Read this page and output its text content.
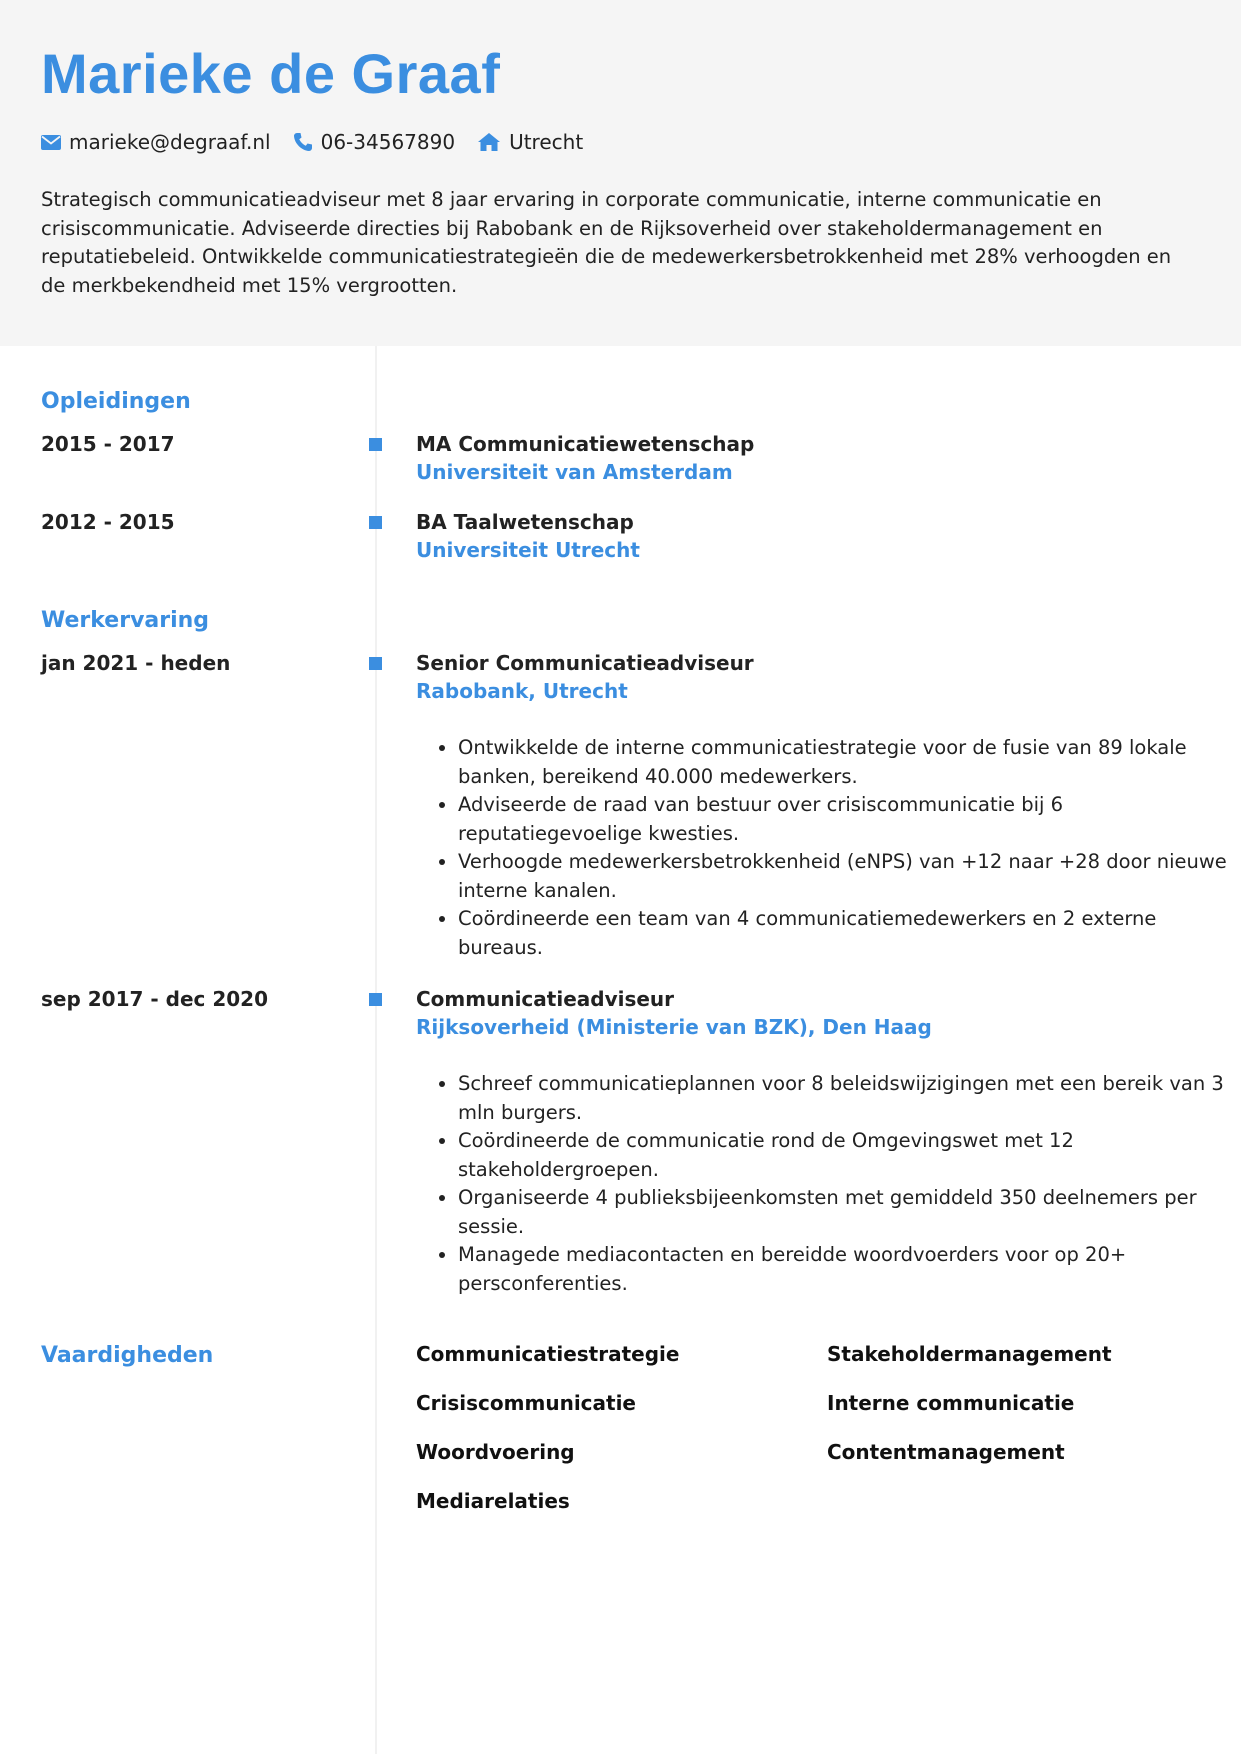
Marieke de Graaf
marieke@degraaf.nl	06-34567890	Utrecht

Strategisch communicatieadviseur met 8 jaar ervaring in corporate communicatie, interne communicatie en crisiscommunicatie. Adviseerde directies bij Rabobank en de Rijksoverheid over stakeholdermanagement en reputatiebeleid. Ontwikkelde communicatiestrategieën die de medewerkersbetrokkenheid met 28% verhoogden en de merkbekendheid met 15% vergrootten.

Opleidingen
2015 - 2017	MA Communicatiewetenschap
Universiteit van Amsterdam
2012 - 2015	BA Taalwetenschap
Universiteit Utrecht
Werkervaring
jan 2021 - heden	Senior Communicatieadviseur
Rabobank, Utrecht
• Ontwikkelde de interne communicatiestrategie voor de fusie van 89 lokale banken, bereikend 40.000 medewerkers.
• Adviseerde de raad van bestuur over crisiscommunicatie bij 6 reputatiegevoelige kwesties.
• Verhoogde medewerkersbetrokkenheid (eNPS) van +12 naar +28 door nieuwe interne kanalen.
• Coördineerde een team van 4 communicatiemedewerkers en 2 externe bureaus.
sep 2017 - dec 2020	Communicatieadviseur
Rijksoverheid (Ministerie van BZK), Den Haag
• Schreef communicatieplannen voor 8 beleidswijzigingen met een bereik van 3 mln burgers.
• Coördineerde de communicatie rond de Omgevingswet met 12 stakeholdergroepen.
• Organiseerde 4 publieksbijeenkomsten met gemiddeld 350 deelnemers per sessie.
• Managede mediacontacten en bereidde woordvoerders voor op 20+ persconferenties.
Vaardigheden	Communicatiestrategie	Stakeholdermanagement
Crisiscommunicatie	Interne communicatie
Woordvoering	Contentmanagement
Mediarelaties
